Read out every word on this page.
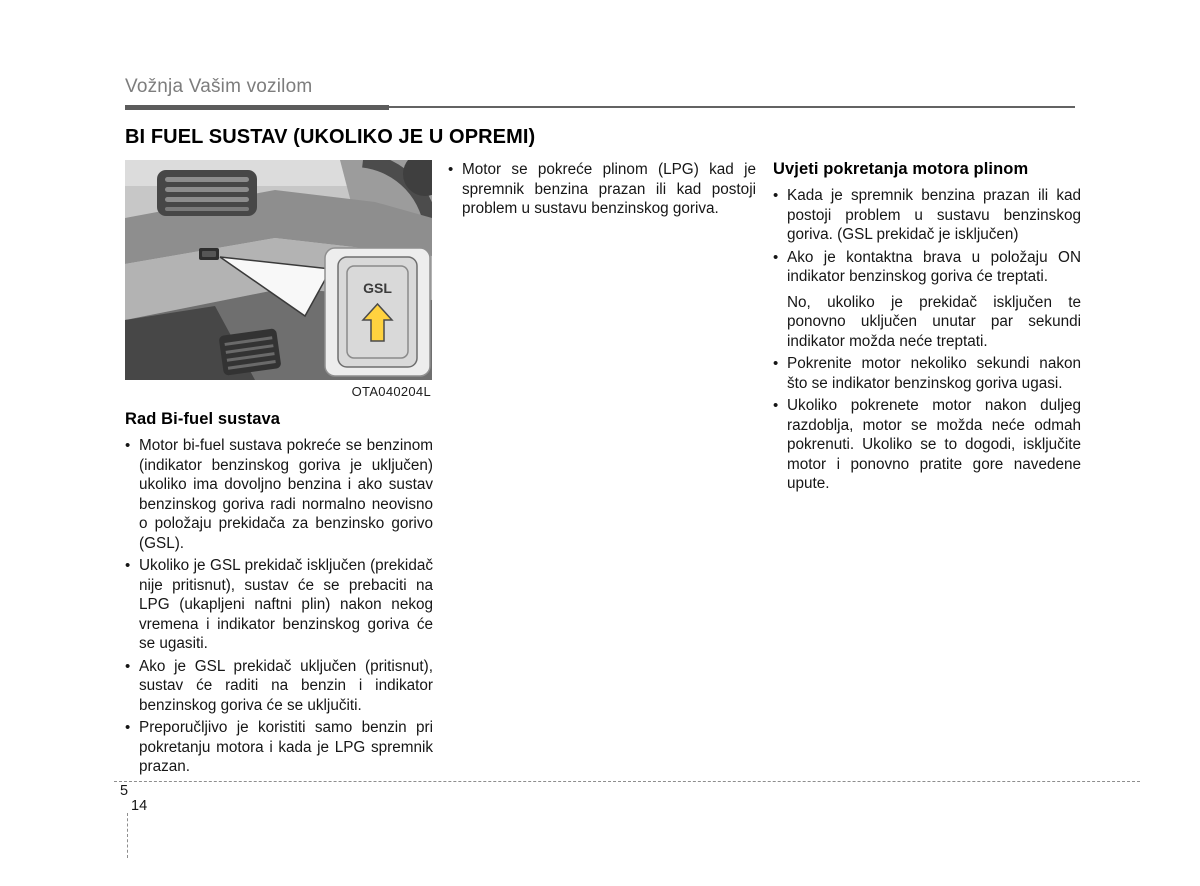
Vožnja Vašim vozilom
BI FUEL SUSTAV (UKOLIKO JE U OPREMI)
GSL
OTA040204L
Rad Bi-fuel sustava
• Motor bi-fuel sustava pokreće se benzinom (indikator benzinskog goriva je uključen) ukoliko ima dovoljno benzina i ako sustav benzinskog goriva radi normalno neovisno o položaju prekidača za benzinsko gorivo (GSL).
• Ukoliko je GSL prekidač isključen (prekidač nije pritisnut), sustav će se prebaciti na LPG (ukapljeni naftni plin) nakon nekog vremena i indikator benzinskog goriva će se ugasiti.
• Ako je GSL prekidač uključen (pritisnut), sustav će raditi na benzin i indikator benzinskog goriva će se uključiti.
• Preporučljivo je koristiti samo benzin pri pokretanju motora i kada je LPG spremnik prazan.
• Motor se pokreće plinom (LPG) kad je spremnik benzina prazan ili kad postoji problem u sustavu benzinskog goriva.
Uvjeti pokretanja motora plinom
• Kada je spremnik benzina prazan ili kad postoji problem u sustavu benzinskog goriva. (GSL prekidač je isključen)
• Ako je kontaktna brava u položaju ON indikator benzinskog goriva će treptati.
No, ukoliko je prekidač isključen te ponovno uključen unutar par sekundi indikator možda neće treptati.
• Pokrenite motor nekoliko sekundi nakon što se indikator benzinskog goriva ugasi.
• Ukoliko pokrenete motor nakon duljeg razdoblja, motor se možda neće odmah pokrenuti. Ukoliko se to dogodi, isključite motor i ponovno pratite gore navedene upute.
5
14
